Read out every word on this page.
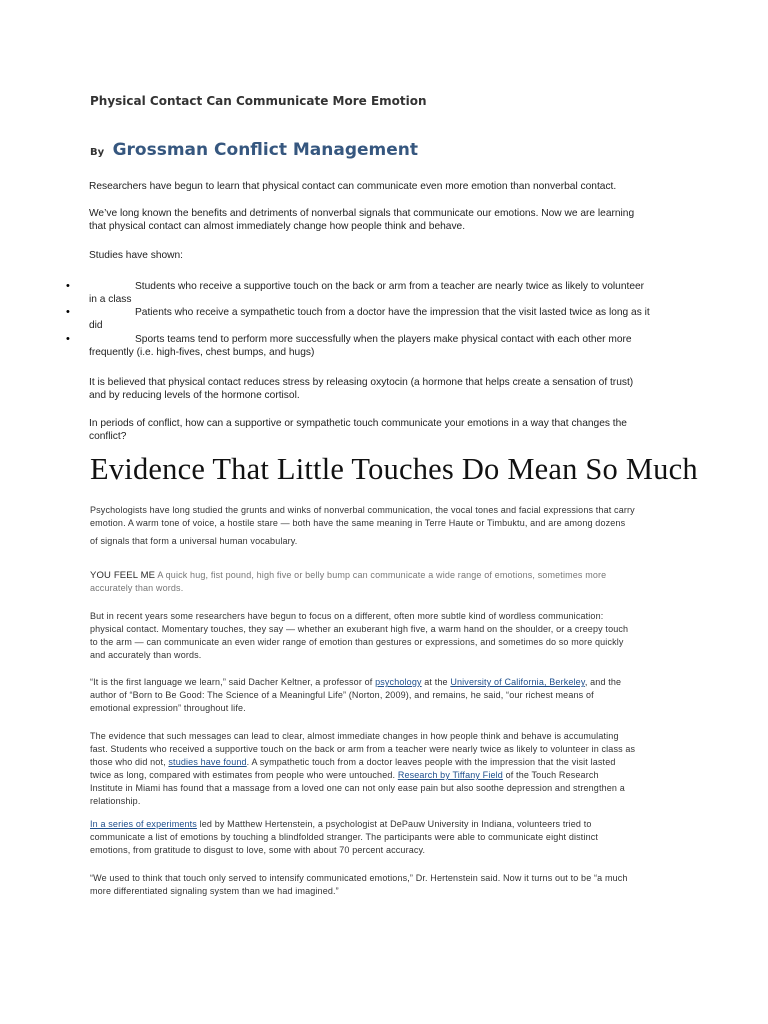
Physical Contact Can Communicate More Emotion
By Grossman Conflict Management
Researchers have begun to learn that physical contact can communicate even more emotion than nonverbal contact.
We’ve long known the benefits and detriments of nonverbal signals that communicate our emotions. Now we are learning
that physical contact can almost immediately change how people think and behave.
Studies have shown:
•	Students who receive a supportive touch on the back or arm from a teacher are nearly twice as likely to volunteer
in a class
•	Patients who receive a sympathetic touch from a doctor have the impression that the visit lasted twice as long as it
did
•	Sports teams tend to perform more successfully when the players make physical contact with each other more
frequently (i.e. high-fives, chest bumps, and hugs)
It is believed that physical contact reduces stress by releasing oxytocin (a hormone that helps create a sensation of trust)
and by reducing levels of the hormone cortisol.
In periods of conflict, how can a supportive or sympathetic touch communicate your emotions in a way that changes the
conflict?
Evidence That Little Touches Do Mean So Much
Psychologists have long studied the grunts and winks of nonverbal communication, the vocal tones and facial expressions that carry
emotion. A warm tone of voice, a hostile stare — both have the same meaning in Terre Haute or Timbuktu, and are among dozens
of signals that form a universal human vocabulary.
YOU FEEL ME A quick hug, fist pound, high five or belly bump can communicate a wide range of emotions, sometimes more
accurately than words.
But in recent years some researchers have begun to focus on a different, often more subtle kind of wordless communication:
physical contact. Momentary touches, they say — whether an exuberant high five, a warm hand on the shoulder, or a creepy touch
to the arm — can communicate an even wider range of emotion than gestures or expressions, and sometimes do so more quickly
and accurately than words.
“It is the first language we learn,” said Dacher Keltner, a professor of psychology at the University of California, Berkeley, and the
author of “Born to Be Good: The Science of a Meaningful Life” (Norton, 2009), and remains, he said, “our richest means of
emotional expression” throughout life.
The evidence that such messages can lead to clear, almost immediate changes in how people think and behave is accumulating
fast. Students who received a supportive touch on the back or arm from a teacher were nearly twice as likely to volunteer in class as
those who did not, studies have found. A sympathetic touch from a doctor leaves people with the impression that the visit lasted
twice as long, compared with estimates from people who were untouched. Research by Tiffany Field of the Touch Research
Institute in Miami has found that a massage from a loved one can not only ease pain but also soothe depression and strengthen a
relationship.
In a series of experiments led by Matthew Hertenstein, a psychologist at DePauw University in Indiana, volunteers tried to
communicate a list of emotions by touching a blindfolded stranger. The participants were able to communicate eight distinct
emotions, from gratitude to disgust to love, some with about 70 percent accuracy.
“We used to think that touch only served to intensify communicated emotions,” Dr. Hertenstein said. Now it turns out to be “a much
more differentiated signaling system than we had imagined.”
